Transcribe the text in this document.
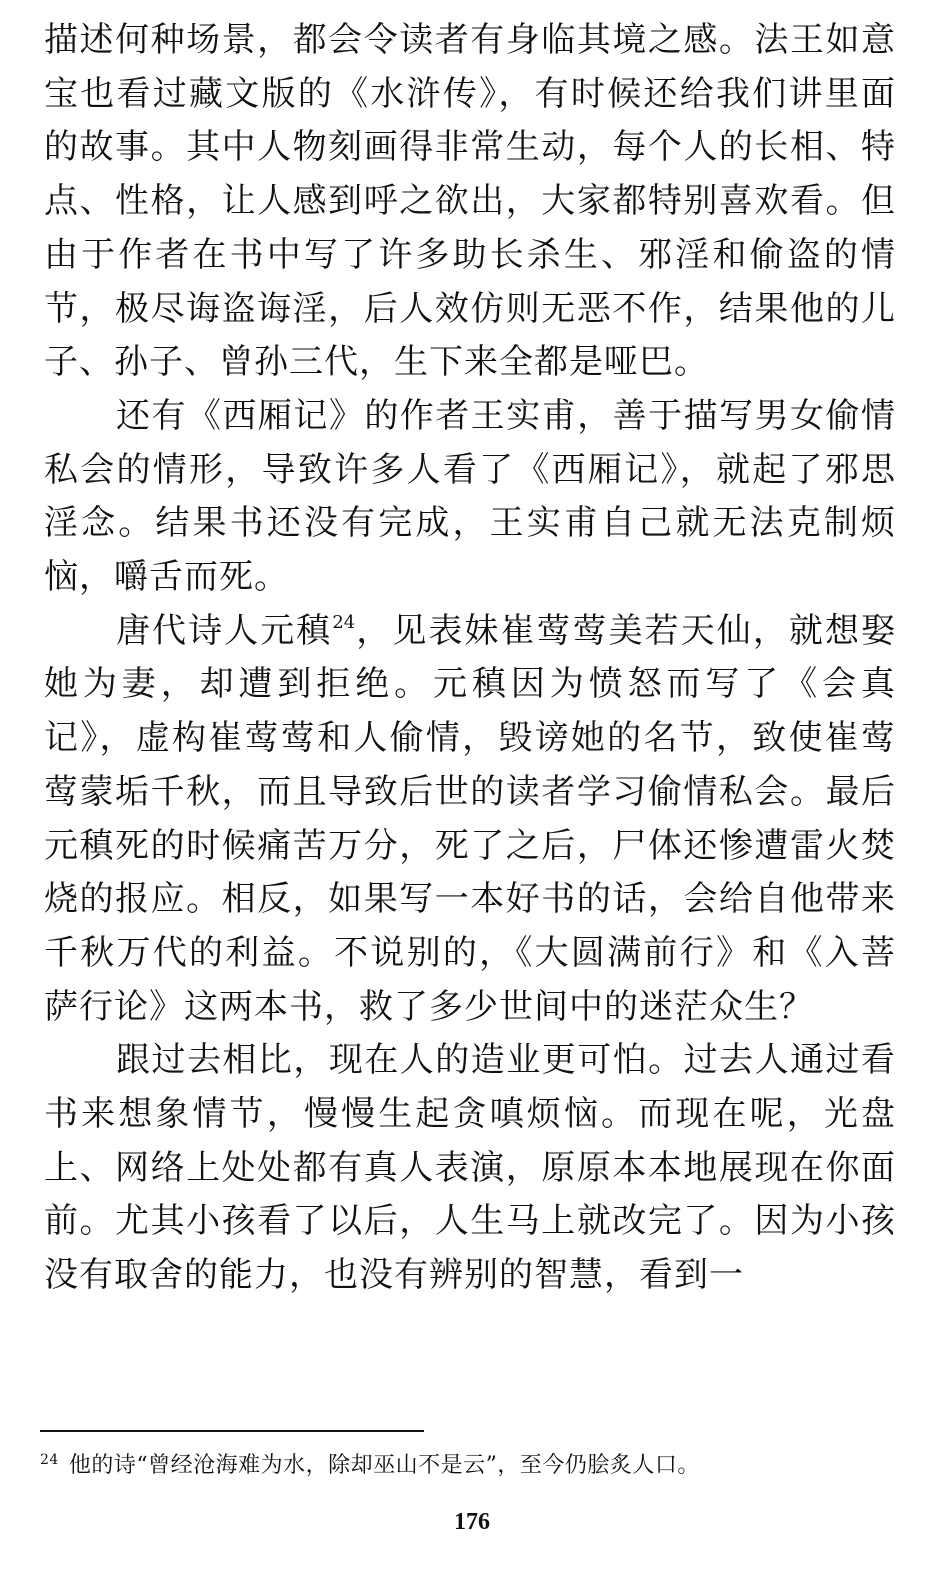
描述何种场景，都会令读者有身临其境之感。法王如意宝也看过藏文版的《水浒传》，有时候还给我们讲里面的故事。其中人物刻画得非常生动，每个人的长相、特点、性格，让人感到呼之欲出，大家都特别喜欢看。但由于作者在书中写了许多助长杀生、邪淫和偷盗的情节，极尽诲盗诲淫，后人效仿则无恶不作，结果他的儿子、孙子、曾孙三代，生下来全都是哑巴。

还有《西厢记》的作者王实甫，善于描写男女偷情私会的情形，导致许多人看了《西厢记》，就起了邪思淫念。结果书还没有完成，王实甫自己就无法克制烦恼，嚼舌而死。

唐代诗人元稹$^{24}$，见表妹崔莺莺美若天仙，就想娶她为妻，却遭到拒绝。元稹因为愤怒而写了《会真记》，虚构崔莺莺和人偷情，毁谤她的名节，致使崔莺莺蒙垢千秋，而且导致后世的读者学习偷情私会。最后元稹死的时候痛苦万分，死了之后，尸体还惨遭雷火焚烧的报应。相反，如果写一本好书的话，会给自他带来千秋万代的利益。不说别的，《大圆满前行》和《入菩萨行论》这两本书，救了多少世间中的迷茫众生？

跟过去相比，现在人的造业更可怕。过去人通过看书来想象情节，慢慢生起贪嗔烦恼。而现在呢，光盘上、网络上处处都有真人表演，原原本本地展现在你面前。尤其小孩看了以后，人生马上就改完了。因为小孩没有取舍的能力，也没有辨别的智慧，看到一

$^{24}$ 他的诗“曾经沧海难为水，除却巫山不是云”，至今仍脍炙人口。
176
